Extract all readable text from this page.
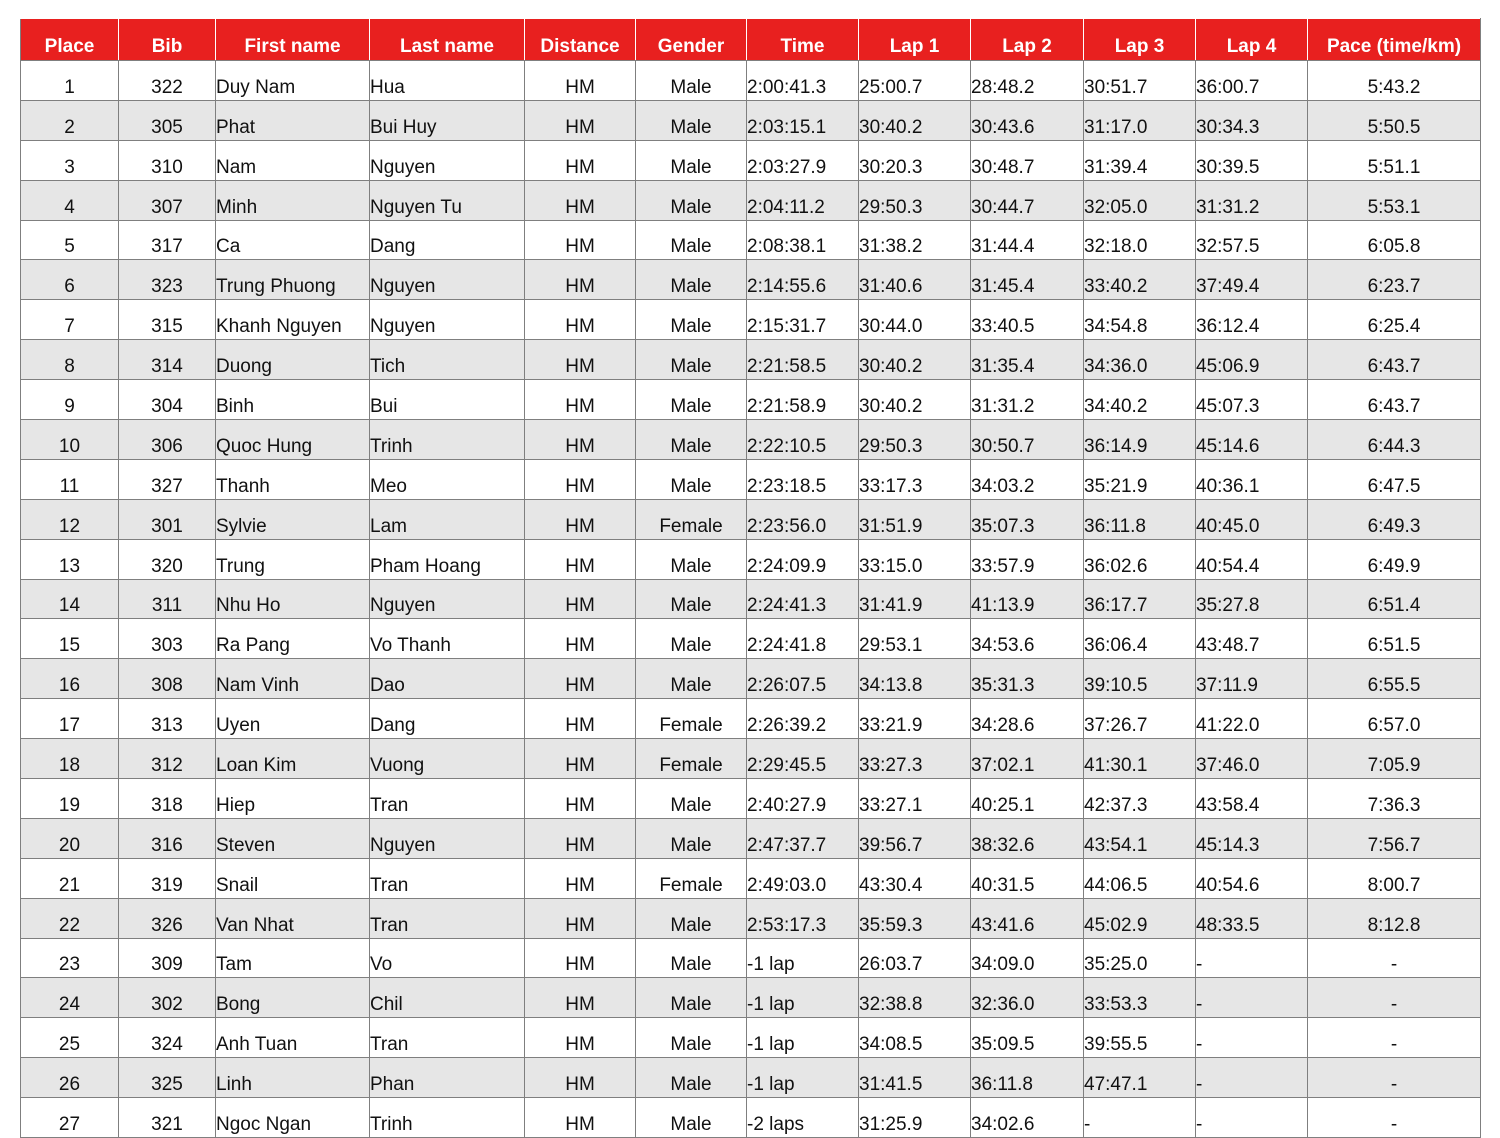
Place	Bib	First name	Last name	Distance	Gender	Time	Lap 1	Lap 2	Lap 3	Lap 4	Pace (time/km)
1	322	Duy Nam	Hua	HM	Male	2:00:41.3	25:00.7	28:48.2	30:51.7	36:00.7	5:43.2
2	305	Phat	Bui Huy	HM	Male	2:03:15.1	30:40.2	30:43.6	31:17.0	30:34.3	5:50.5
3	310	Nam	Nguyen	HM	Male	2:03:27.9	30:20.3	30:48.7	31:39.4	30:39.5	5:51.1
4	307	Minh	Nguyen Tu	HM	Male	2:04:11.2	29:50.3	30:44.7	32:05.0	31:31.2	5:53.1
5	317	Ca	Dang	HM	Male	2:08:38.1	31:38.2	31:44.4	32:18.0	32:57.5	6:05.8
6	323	Trung Phuong	Nguyen	HM	Male	2:14:55.6	31:40.6	31:45.4	33:40.2	37:49.4	6:23.7
7	315	Khanh Nguyen	Nguyen	HM	Male	2:15:31.7	30:44.0	33:40.5	34:54.8	36:12.4	6:25.4
8	314	Duong	Tich	HM	Male	2:21:58.5	30:40.2	31:35.4	34:36.0	45:06.9	6:43.7
9	304	Binh	Bui	HM	Male	2:21:58.9	30:40.2	31:31.2	34:40.2	45:07.3	6:43.7
10	306	Quoc Hung	Trinh	HM	Male	2:22:10.5	29:50.3	30:50.7	36:14.9	45:14.6	6:44.3
11	327	Thanh	Meo	HM	Male	2:23:18.5	33:17.3	34:03.2	35:21.9	40:36.1	6:47.5
12	301	Sylvie	Lam	HM	Female	2:23:56.0	31:51.9	35:07.3	36:11.8	40:45.0	6:49.3
13	320	Trung	Pham Hoang	HM	Male	2:24:09.9	33:15.0	33:57.9	36:02.6	40:54.4	6:49.9
14	311	Nhu Ho	Nguyen	HM	Male	2:24:41.3	31:41.9	41:13.9	36:17.7	35:27.8	6:51.4
15	303	Ra Pang	Vo Thanh	HM	Male	2:24:41.8	29:53.1	34:53.6	36:06.4	43:48.7	6:51.5
16	308	Nam Vinh	Dao	HM	Male	2:26:07.5	34:13.8	35:31.3	39:10.5	37:11.9	6:55.5
17	313	Uyen	Dang	HM	Female	2:26:39.2	33:21.9	34:28.6	37:26.7	41:22.0	6:57.0
18	312	Loan Kim	Vuong	HM	Female	2:29:45.5	33:27.3	37:02.1	41:30.1	37:46.0	7:05.9
19	318	Hiep	Tran	HM	Male	2:40:27.9	33:27.1	40:25.1	42:37.3	43:58.4	7:36.3
20	316	Steven	Nguyen	HM	Male	2:47:37.7	39:56.7	38:32.6	43:54.1	45:14.3	7:56.7
21	319	Snail	Tran	HM	Female	2:49:03.0	43:30.4	40:31.5	44:06.5	40:54.6	8:00.7
22	326	Van Nhat	Tran	HM	Male	2:53:17.3	35:59.3	43:41.6	45:02.9	48:33.5	8:12.8
23	309	Tam	Vo	HM	Male	-1 lap	26:03.7	34:09.0	35:25.0	-	-
24	302	Bong	Chil	HM	Male	-1 lap	32:38.8	32:36.0	33:53.3	-	-
25	324	Anh Tuan	Tran	HM	Male	-1 lap	34:08.5	35:09.5	39:55.5	-	-
26	325	Linh	Phan	HM	Male	-1 lap	31:41.5	36:11.8	47:47.1	-	-
27	321	Ngoc Ngan	Trinh	HM	Male	-2 laps	31:25.9	34:02.6	-	-	-
